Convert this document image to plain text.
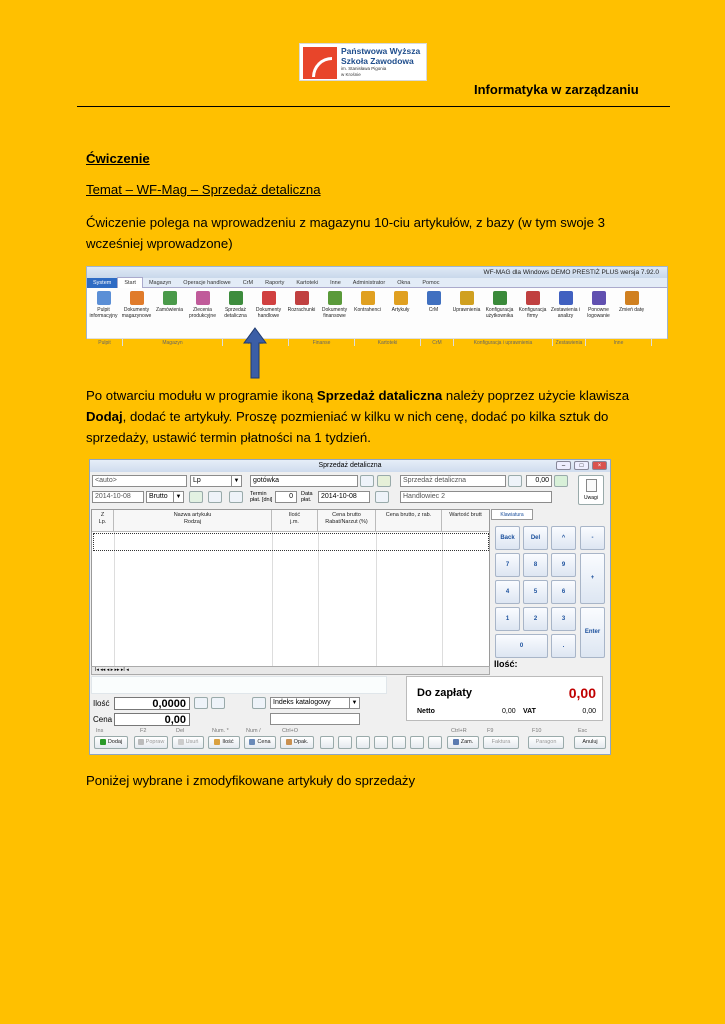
Państwowa Wyższa
Szkoła Zawodowa
im. Stanisława Pigonia
w Krośnie
Informatyka w zarządzaniu
Ćwiczenie
Temat – WF-Mag – Sprzedaż detaliczna
Ćwiczenie polega na wprowadzeniu z magazynu 10-ciu artykułów, z bazy (w tym swoje 3
wcześniej wprowadzone)
WF-MAG dla Windows DEMO PRESTIŻ PLUS wersja 7.92.0
System	Start	Magazyn	Operacje handlowe	CrM	Raporty	Kartoteki	Inne	Administrator	Okna	Pomoc
Pulpit informacyjny
Dokumenty magazynowe
Zamówienia	Zlecenia produkcyjne
Sprzedaż detaliczna
Dokumenty handlowe
Rozrachunki	Dokumenty finansowe
Kontrahenci	Artykuły	CrM	Uprawnienia	Konfiguracja użytkownika
Konfiguracja firmy
Zestawienia i analizy
Ponowne logowanie
Zmień datę
Pulpit	Magazyn	Finanse	Kartoteki	CrM	Konfiguracja i uprawnienia	Zestawienia	Inne
Po otwarciu modułu w programie ikoną Sprzedaż dataliczna należy poprzez użycie klawisza
Dodaj, dodać te artykuły. Proszę pozmieniać w kilku w nich cenę, dodać po kilka sztuk do
sprzedaży, ustawić termin płatności na 1 tydzień.
Sprzedaż detaliczna	–	□	×
<auto>	Lp	▼	gotówka	Sprzedaż detaliczna	0,00
Uwagi
2014-10-08	Brutto	▼	Termin płat. [dni]	0	Data płat.	2014-10-08	Handlowiec 2
Z
Lp.
Nazwa artykułu
Rodzaj
Ilość
j.m.
Cena brutto
Rabat/Narzut (%)
Cena brutto, z rab.	Wartość brutt
I◂ ◂◂ ◂ ▸ ▸▸ ▸I ◂
Klawiatura
Back	Del	^	-
7	8	9
+
4	5	6
1	2	3
Enter
0	.
Ilość:
Ilość	0,0000	Indeks katalogowy	▼
Cena	0,00
Do zapłaty	0,00
Netto	0,00 VAT	0,00
Ins	F2	Del	Num. *	Num /	Ctrl+O	Ctrl+R	F9	F10	Esc
Dodaj	Popraw	Usuń	Ilość	Cena	Opak.	Zam.	Faktura	Paragon	Anuluj
Poniżej wybrane i zmodyfikowane artykuły do sprzedaży
